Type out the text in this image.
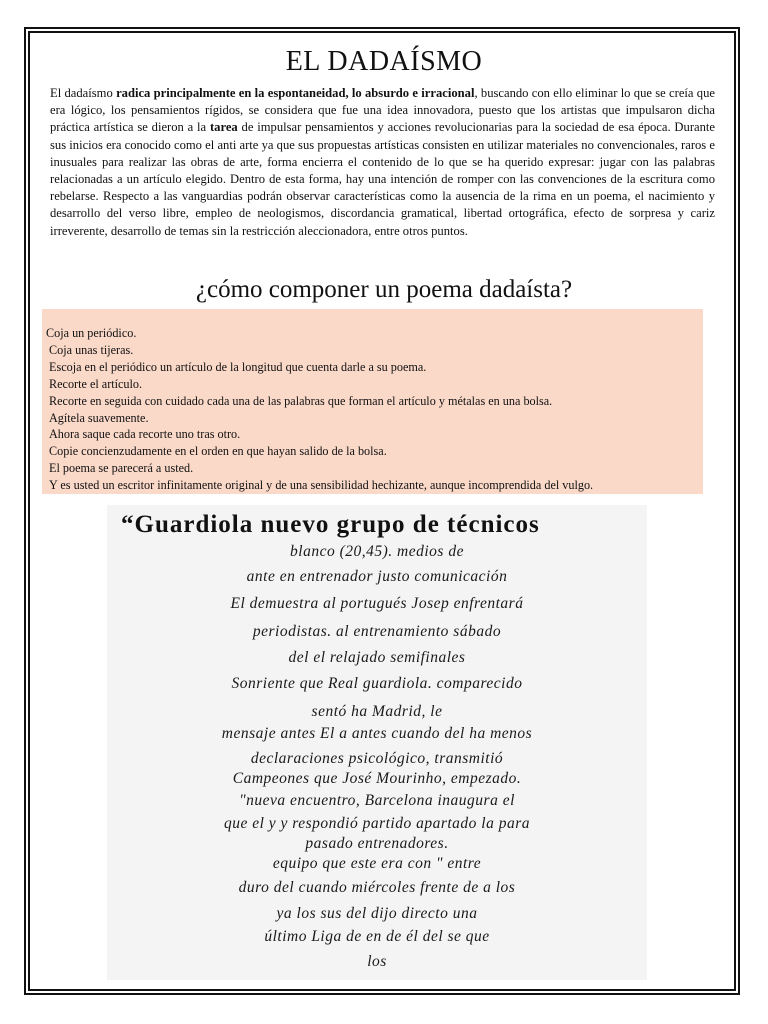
EL DADAÍSMO

El dadaísmo radica principalmente en la espontaneidad, lo absurdo e irracional, buscando con ello eliminar lo que se creía que era lógico, los pensamientos rígidos, se considera que fue una idea innovadora, puesto que los artistas que impulsaron dicha práctica artística se dieron a la tarea de impulsar pensamientos y acciones revolucionarias para la sociedad de esa época. Durante sus inicios era conocido como el anti arte ya que sus propuestas artísticas consisten en utilizar materiales no convencionales, raros e inusuales para realizar las obras de arte, forma encierra el contenido de lo que se ha querido expresar: jugar con las palabras relacionadas a un artículo elegido. Dentro de esta forma, hay una intención de romper con las convenciones de la escritura como rebelarse. Respecto a las vanguardias podrán observar características como la ausencia de la rima en un poema, el nacimiento y desarrollo del verso libre, empleo de neologismos, discordancia gramatical, libertad ortográfica, efecto de sorpresa y cariz irreverente, desarrollo de temas sin la restricción aleccionadora, entre otros puntos.

¿cómo componer un poema dadaísta?
Coja un periódico.
Coja unas tijeras.
Escoja en el periódico un artículo de la longitud que cuenta darle a su poema.
Recorte el artículo.
Recorte en seguida con cuidado cada una de las palabras que forman el artículo y métalas en una bolsa.
Agítela suavemente.
Ahora saque cada recorte uno tras otro.
Copie concienzudamente en el orden en que hayan salido de la bolsa.
El poema se parecerá a usted.
Y es usted un escritor infinitamente original y de una sensibilidad hechizante, aunque incomprendida del vulgo.
“Guardiola nuevo grupo de técnicos
blanco (20,45). medios de
ante en entrenador justo comunicación
El demuestra al portugués Josep enfrentará
periodistas. al entrenamiento sábado
del el relajado semifinales
Sonriente que Real guardiola. comparecido
sentó ha Madrid, le
mensaje antes El a antes cuando del ha menos
declaraciones psicológico, transmitió
Campeones que José Mourinho, empezado.
"nueva encuentro, Barcelona inaugura el
que el y y respondió partido apartado la para
pasado entrenadores.
equipo que este era con " entre
duro del cuando miércoles frente de a los
ya los sus del dijo directo una
último Liga de en de él del se que
los
